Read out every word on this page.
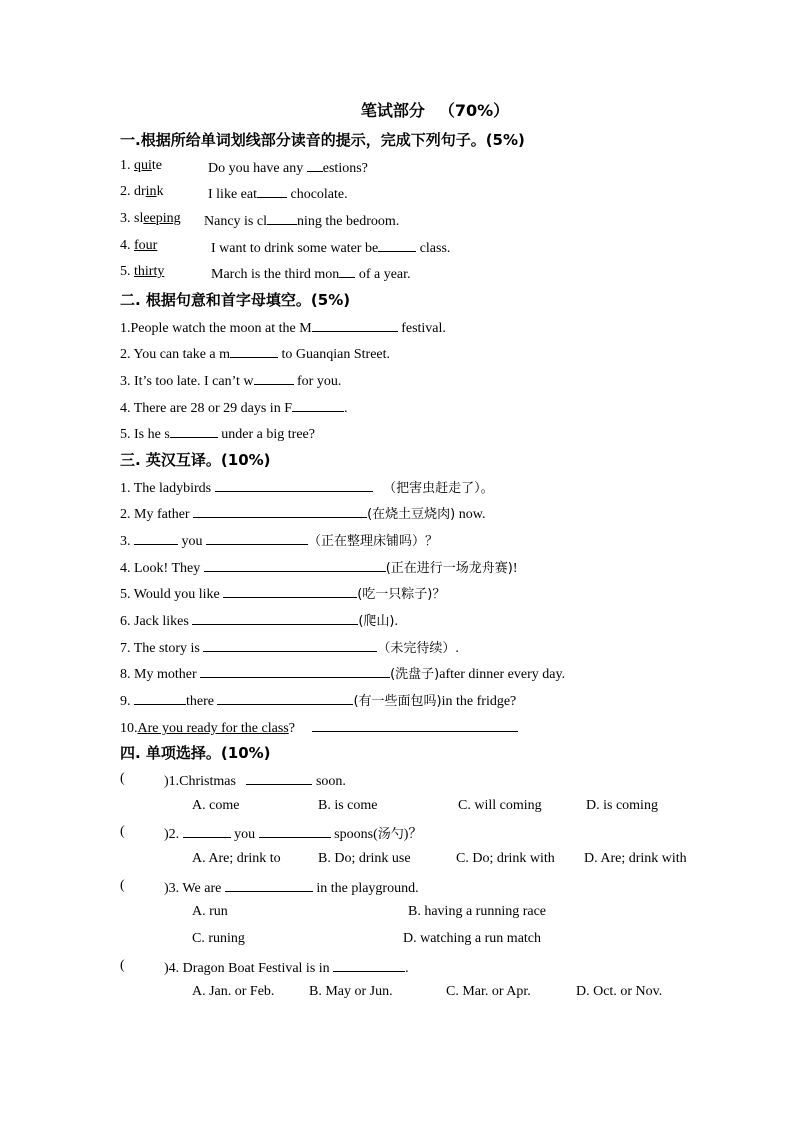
笔试部分 （70%）
一.根据所给单词划线部分读音的提示，完成下列句子。(5%)
1. quite	Do you have any estions?
2. drink	I like eat chocolate.
3. sleeping Nancy is cl ning the bedroom.
4. four	I want to drink some water be	class.
5. thirty	March is the third mon of a year.
二. 根据句意和首字母填空。(5%)
1.People watch the moon at the M	festival.
2. You can take a m	to Guanqian Street.
3. It’s too late. I can’t w	for you.
4. There are 28 or 29 days in F	.
5. Is he s	under a big tree?
三. 英汉互译。(10%)
1. The ladybirds	（把害虫赶走了）。
2. My father	(在烧土豆烧肉) now.
3.	you	（正在整理床铺吗）？
4. Look! They	(正在进行一场龙舟赛)!
5. Would you like	(吃一只粽子)？
6. Jack likes	(爬山).
7. The story is	（未完待续）.
8. My mother	(洗盘子)after dinner every day.
9.	there	(有一些面包吗)in the fridge?
10.Are you ready for the class?
四. 单项选择。(10%)
(	)1.Christmas	soon.
A. come	B. is come	C. will coming	D. is coming
(	)2.	you	spoons(汤勺)？
A. Are; drink to	B. Do; drink use	C. Do; drink with D. Are; drink with
(	)3. We are	in the playground.
A. run	B. having a running race
C. runing	D. watching a run match
(	)4. Dragon Boat Festival is in	.
A. Jan. or Feb. B. May or Jun.	C. Mar. or Apr.	D. Oct. or Nov.
